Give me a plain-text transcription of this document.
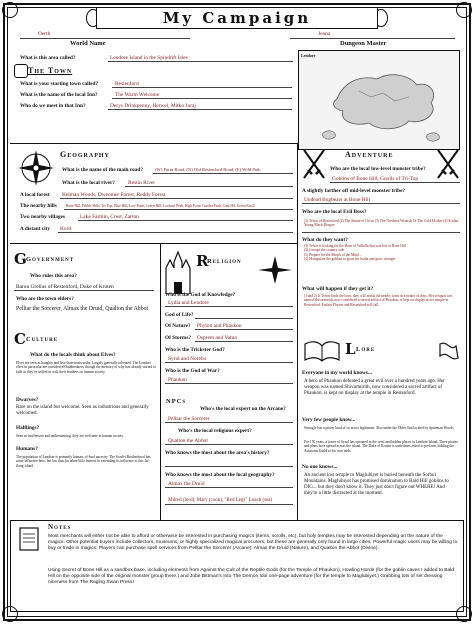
My Campaign
Oerth
World Name
Jenna
Dungeon Master
What is this area called?	Lendore Island in the Spindrift Isles	Lendore
The Town
What is your starting town called?	Restenford
What is the name of the local Inn?	The Warm Welcome
Who do we meet in that Inn?	Derys Drinkpenny, Herwel, Mitko Juraj
Geography
What is the name of the main road?	(W) Farm Road, (N) Old Restenford Road, (E) Wild Path
What is the local river? Restin River
A local forest Kelman Woods, Dweomer Forest, Reddy Forest
The nearby hills	Bone Hill, Pebble Hills, Tri-Top, Blue Hill, Low Point, Green Hill, Lookout Peak, High Point, Garden Peak, Cant Hil, Green Knoll
Two nearby villages	Lake Farmin, Crest, Zarton
A distant city Kord
Adventure
Who are the local low-level monster tribe?
Goblins of Bone Hill, Gnolls of Tri-Top
A slightly farther off mid-level monster tribe?
Undead Bugbears at Bone Hill
Who are the local Evil Boss?
(1) Telvar of Restenford (2) The Shrine of Orcus (3) The Northern Wizards Or The Cold Mother (4) Scalite, Young Black Dragon
What do they want?
(1) Telvar is looking for the Horn of Valhalla that was lost at Bone Hill
(2) Corrupt the country side
(3) Prepare for the Mouth of the Mind...
(4) Manipulate the goblins to grow his horde and grow stronger
What will happen if they get it?
(1 and 2) If Telvar finds the horn, they will attack the nearby town in a matter of days. Her weapon was named Shivarmirith, now considered a sacred artifact of Phaukon, is kept on display at the temple in Restenford. Further Phyton and Restenford will fall.
G Government
Who rules this area?
Baron Grellus of Restenford, Duke of Kroten
Who are the town elders?
Pelltar the Sorcerer, Almax the Druid, Qualton the Abbot
R
Religion
Who is the God of Knowledge?
Lydia and Lendore
God of Life?
Of Nature? Phyton and Phaukon
Of Storms? Osprem and Vatun
Who is the Trickster God?
Syrul and Norebo
Who is the God of War?
Phaukon
C Culture
What do the locals think about Elves?
Elves are seen as haughty and less-than-trustworthy. Largely generally tolerated. The Lendore elves in particular are considered Oathbreakers, though the memory of why has already started to fade as they've settled in with their brothers on human society.
Dwarves?
Rare on the island but welcome. Seen as industrious and generally welcomed.
Halflings?
Seen as inoffensive and unthreatening, they are welcome in human society.
Humans?
The population of Lendore is primarily human, of Suel ancestry. The Scarlet Brotherhood has some influence here, but has thus far taken little interest in extending its influence to this far-flung island.
NPCs
Who's the local expert on the Arcane?
Pelltar the Sorcerer
Who's the local religious expert?
Qualton the Abbot
Who knows the most about the area's history?
Who knows the most about the local geography?
Almax the Druid
Milred (lord), Mary (cook), "Red Legs" Loach (sea)
L Lore
Everyone in my world knows...
A hero of Phaukon defeated a great evil over a hundred years ago. Her weapon was named Shivarmirith, now considered a sacred artifact of Phaukon, is kept on display at the temple in Restenford.
Very few people know...
Strongly has a power kind of so in not legitimate. Also under the Older Sun located by Spiteman Woods
For 150 years, a tower of Syrul has operated in the crest and hidden places in Lendore Island. Three pirates and plans have spread across the island. The Duke of Kroten is sometimes asked to perform, bidding the Assassins Guild to his own ends.
No one knows...
An ancient lost temple to Maglubiyet is buried beneath the Sorbul Mountains. Maglubiyet has promised domination to Bald Hill goblins to DIG... but they don't know it. They just don't figure out WHERE! And they're a little distracted at the moment.
Notes
Most merchants will either not be able to afford or otherwise be interested in purchasing magics (items, scrolls, etc), but holy temples may be interested depending on the nature of the magics. Other potential buyers include collectors, museums, or highly specialized magical procurers, but these are generally only found in large cities. Powerful magic users may be willing to buy or trade in magics. Players can purchase spell services from Pelltar the Sorcerer (Arcane), Almax the Druid (Nature), and Qualton the Abbot (Divine).
Using Secret of Bone Hill as a sandbox base, including elements from Against the Cult of the Reptile Gods (for the Temple of Phaukon), Howling Horde (for the goblin caves I added to Bald Hill on the opposite side of the original monster group there.) and Jobe Bittman's Into The Demon Idol one-page adventure (for the temple to Maglubiyet.) Grabbing lots of set dressing niceness from The Raging Swan Press!
